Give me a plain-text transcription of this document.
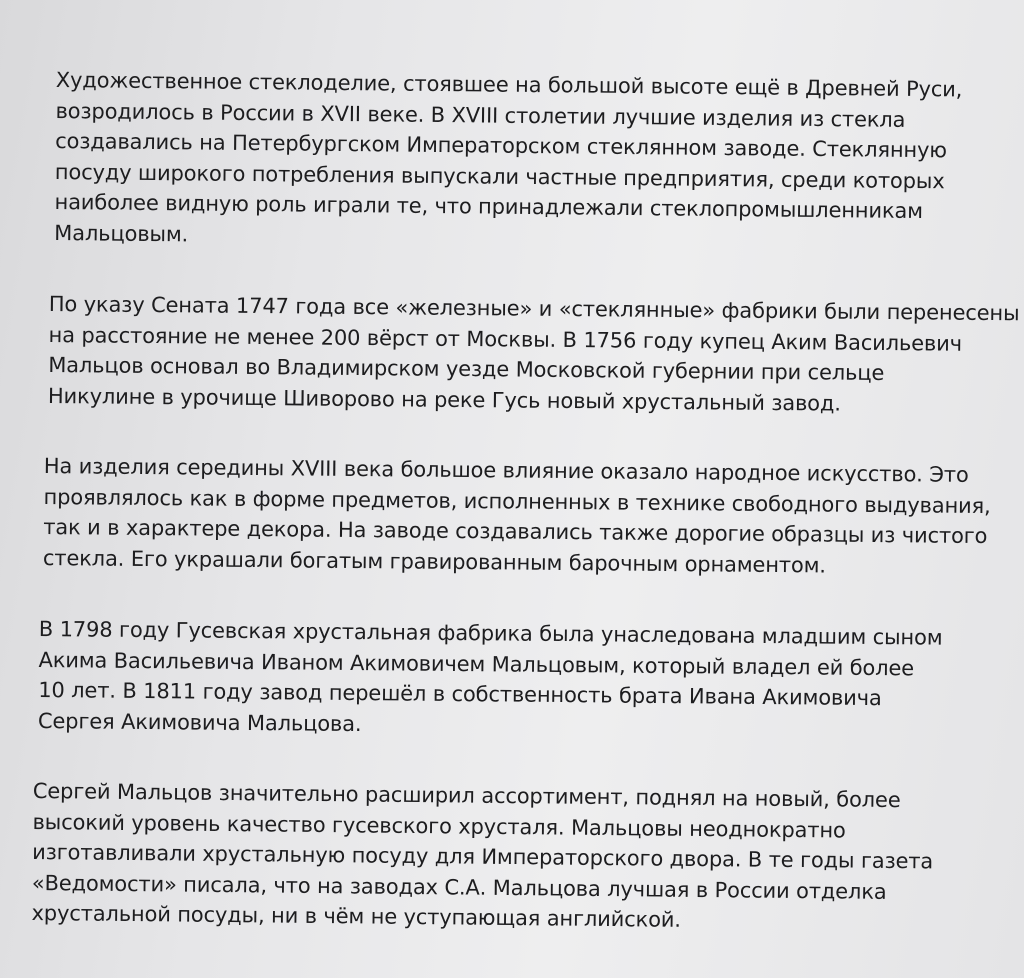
Художественное стеклоделие, стоявшее на большой высоте ещё в Древней Руси,
возродилось в России в XVII веке. В XVIII столетии лучшие изделия из стекла
создавались на Петербургском Императорском стеклянном заводе. Стеклянную
посуду широкого потребления выпускали частные предприятия, среди которых
наиболее видную роль играли те, что принадлежали стеклопромышленникам
Мальцовым.
По указу Сената 1747 года все «железные» и «стеклянные» фабрики были перенесены
на расстояние не менее 200 вёрст от Москвы. В 1756 году купец Аким Васильевич
Мальцов основал во Владимирском уезде Московской губернии при сельце
Никулине в урочище Шиворово на реке Гусь новый хрустальный завод.
На изделия середины XVIII века большое влияние оказало народное искусство. Это
проявлялось как в форме предметов, исполненных в технике свободного выдувания,
так и в характере декора. На заводе создавались также дорогие образцы из чистого
стекла. Его украшали богатым гравированным барочным орнаментом.
В 1798 году Гусевская хрустальная фабрика была унаследована младшим сыном
Акима Васильевича Иваном Акимовичем Мальцовым, который владел ей более
10 лет. В 1811 году завод перешёл в собственность брата Ивана Акимовича
Сергея Акимовича Мальцова.
Сергей Мальцов значительно расширил ассортимент, поднял на новый, более
высокий уровень качество гусевского хрусталя. Мальцовы неоднократно
изготавливали хрустальную посуду для Императорского двора. В те годы газета
«Ведомости» писала, что на заводах С.А. Мальцова лучшая в России отделка
хрустальной посуды, ни в чём не уступающая английской.
